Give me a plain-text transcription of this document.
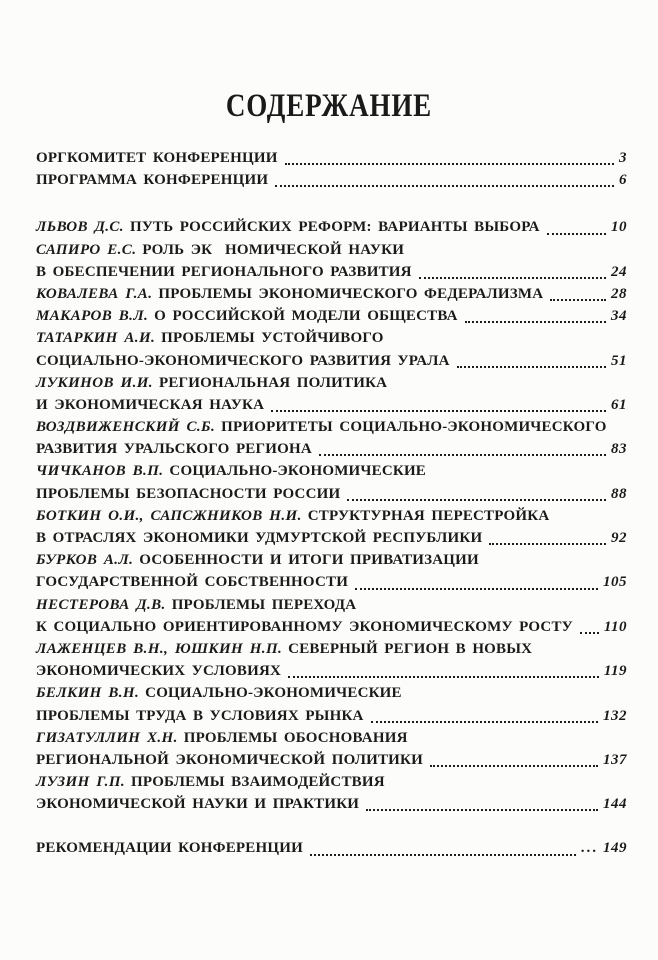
СОДЕРЖАНИЕ
ОРГКОМИТЕТ КОНФЕРЕНЦИИ	3
ПРОГРАММА КОНФЕРЕНЦИИ	6
ЛЬВОВ Д.С. ПУТЬ РОССИЙСКИХ РЕФОРМ: ВАРИАНТЫ ВЫБОРА	10
САПИРО Е.С. РОЛЬ ЭК  НОМИЧЕСКОЙ НАУКИ
В ОБЕСПЕЧЕНИИ РЕГИОНАЛЬНОГО РАЗВИТИЯ	24
КОВАЛЕВА Г.А. ПРОБЛЕМЫ ЭКОНОМИЧЕСКОГО ФЕДЕРАЛИЗМА	28
МАКАРОВ В.Л. О РОССИЙСКОЙ МОДЕЛИ ОБЩЕСТВА	34
ТАТАРКИН А.И. ПРОБЛЕМЫ УСТОЙЧИВОГО
СОЦИАЛЬНО-ЭКОНОМИЧЕСКОГО РАЗВИТИЯ УРАЛА	51
ЛУКИНОВ И.И. РЕГИОНАЛЬНАЯ ПОЛИТИКА
И ЭКОНОМИЧЕСКАЯ НАУКА	61
ВОЗДВИЖЕНСКИЙ С.Б. ПРИОРИТЕТЫ СОЦИАЛЬНО-ЭКОНОМИЧЕСКОГО
РАЗВИТИЯ УРАЛЬСКОГО РЕГИОНА	83
ЧИЧКАНОВ В.П. СОЦИАЛЬНО-ЭКОНОМИЧЕСКИЕ
ПРОБЛЕМЫ БЕЗОПАСНОСТИ РОССИИ	88
БОТКИН О.И., САПСЖНИКОВ Н.И. СТРУКТУРНАЯ ПЕРЕСТРОЙКА
В ОТРАСЛЯХ ЭКОНОМИКИ УДМУРТСКОЙ РЕСПУБЛИКИ	92
БУРКОВ А.Л. ОСОБЕННОСТИ И ИТОГИ ПРИВАТИЗАЦИИ
ГОСУДАРСТВЕННОЙ СОБСТВЕННОСТИ	105
НЕСТЕРОВА Д.В. ПРОБЛЕМЫ ПЕРЕХОДА
К СОЦИАЛЬНО ОРИЕНТИРОВАННОМУ ЭКОНОМИЧЕСКОМУ РОСТУ 110
ЛАЖЕНЦЕВ В.Н., ЮШКИН Н.П. СЕВЕРНЫЙ РЕГИОН В НОВЫХ
ЭКОНОМИЧЕСКИХ УСЛОВИЯХ	119
БЕЛКИН В.Н. СОЦИАЛЬНО-ЭКОНОМИЧЕСКИЕ
ПРОБЛЕМЫ ТРУДА В УСЛОВИЯХ РЫНКА	132
ГИЗАТУЛЛИН Х.Н. ПРОБЛЕМЫ ОБОСНОВАНИЯ
РЕГИОНАЛЬНОЙ ЭКОНОМИЧЕСКОЙ ПОЛИТИКИ	137
ЛУЗИН Г.П. ПРОБЛЕМЫ ВЗАИМОДЕЙСТВИЯ
ЭКОНОМИЧЕСКОЙ НАУКИ И ПРАКТИКИ	144
РЕКОМЕНДАЦИИ КОНФЕРЕНЦИИ	... 149
